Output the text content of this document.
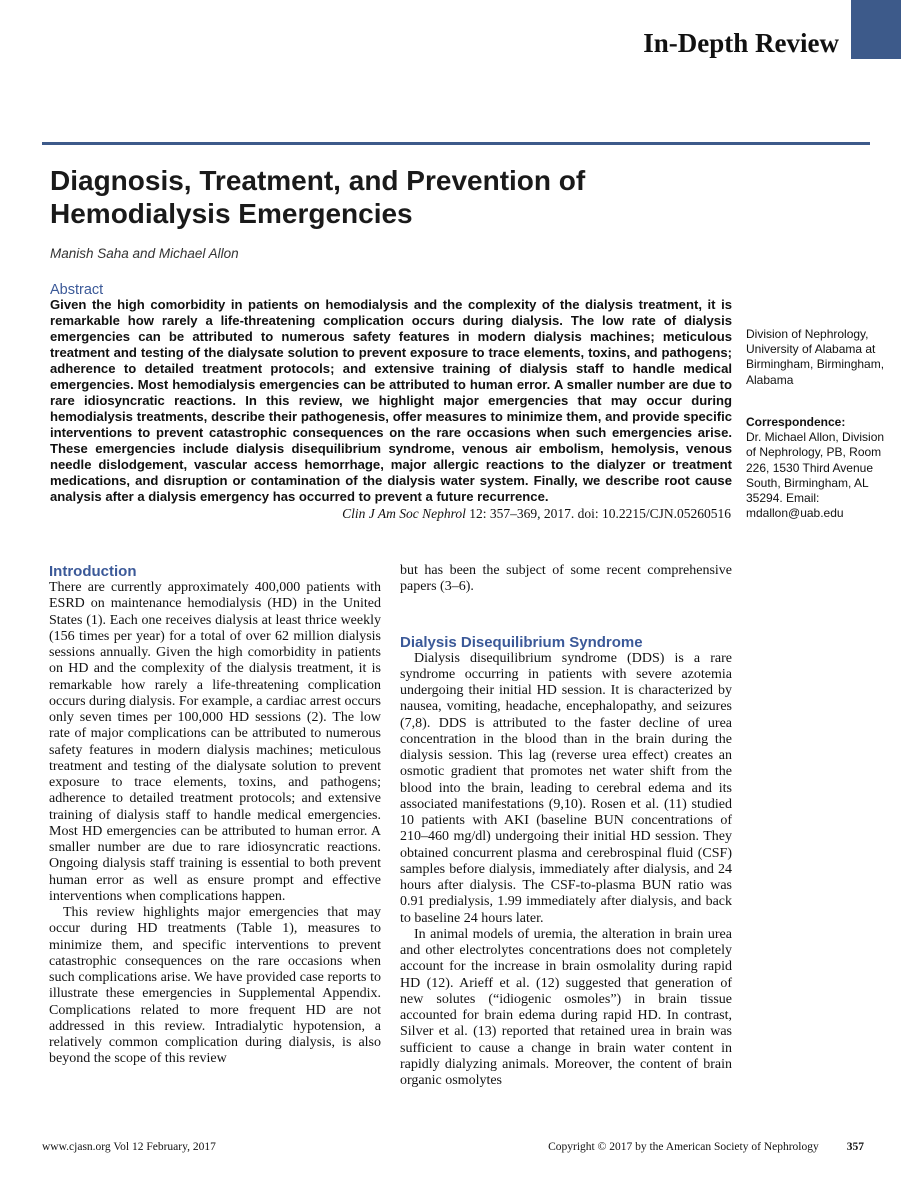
In-Depth Review
Diagnosis, Treatment, and Prevention of Hemodialysis Emergencies
Manish Saha and Michael Allon
Abstract

Given the high comorbidity in patients on hemodialysis and the complexity of the dialysis treatment, it is remarkable how rarely a life-threatening complication occurs during dialysis. The low rate of dialysis emergencies can be attributed to numerous safety features in modern dialysis machines; meticulous treatment and testing of the dialysate solution to prevent exposure to trace elements, toxins, and pathogens; adherence to detailed treatment protocols; and extensive training of dialysis staff to handle medical emergencies. Most hemodialysis emergencies can be attributed to human error. A smaller number are due to rare idiosyncratic reactions. In this review, we highlight major emergencies that may occur during hemodialysis treatments, describe their pathogenesis, offer measures to minimize them, and provide specific interventions to prevent catastrophic consequences on the rare occasions when such emergencies arise. These emergencies include dialysis disequilibrium syndrome, venous air embolism, hemolysis, venous needle dislodgement, vascular access hemorrhage, major allergic reactions to the dialyzer or treatment medications, and disruption or contamination of the dialysis water system. Finally, we describe root cause analysis after a dialysis emergency has occurred to prevent a future recurrence.

Clin J Am Soc Nephrol 12: 357–369, 2017. doi: 10.2215/CJN.05260516
Division of Nephrology, University of Alabama at Birmingham, Birmingham, Alabama
Correspondence:
Dr. Michael Allon, Division of Nephrology, PB, Room 226, 1530 Third Avenue South, Birmingham, AL 35294. Email: mdallon@uab.edu
Introduction

There are currently approximately 400,000 patients with ESRD on maintenance hemodialysis (HD) in the United States (1). Each one receives dialysis at least thrice weekly (156 times per year) for a total of over 62 million dialysis sessions annually. Given the high comorbidity in patients on HD and the complexity of the dialysis treatment, it is remarkable how rarely a life-threatening complication occurs during dialysis. For example, a cardiac arrest occurs only seven times per 100,000 HD sessions (2). The low rate of major complications can be attributed to numerous safety features in modern dialysis machines; meticulous treatment and testing of the dialysate solution to prevent exposure to trace elements, toxins, and pathogens; adherence to detailed treatment protocols; and extensive training of dialysis staff to handle medical emergencies. Most HD emergencies can be attributed to human error. A smaller number are due to rare idiosyncratic reactions. Ongoing dialysis staff training is essential to both prevent human error as well as ensure prompt and effective interventions when complications happen.

This review highlights major emergencies that may occur during HD treatments (Table 1), measures to minimize them, and specific interventions to prevent catastrophic consequences on the rare occasions when such complications arise. We have provided case reports to illustrate these emergencies in Supplemental Appendix. Complications related to more frequent HD are not addressed in this review. Intradialytic hypotension, a relatively common complication during dialysis, is also beyond the scope of this review

but has been the subject of some recent comprehensive papers (3–6).

Dialysis Disequilibrium Syndrome

Dialysis disequilibrium syndrome (DDS) is a rare syndrome occurring in patients with severe azotemia undergoing their initial HD session. It is characterized by nausea, vomiting, headache, encephalopathy, and seizures (7,8). DDS is attributed to the faster decline of urea concentration in the blood than in the brain during the dialysis session. This lag (reverse urea effect) creates an osmotic gradient that promotes net water shift from the blood into the brain, leading to cerebral edema and its associated manifestations (9,10). Rosen et al. (11) studied 10 patients with AKI (baseline BUN concentrations of 210–460 mg/dl) undergoing their initial HD session. They obtained concurrent plasma and cerebrospinal fluid (CSF) samples before dialysis, immediately after dialysis, and 24 hours after dialysis. The CSF-to-plasma BUN ratio was 0.91 predialysis, 1.99 immediately after dialysis, and back to baseline 24 hours later.

In animal models of uremia, the alteration in brain urea and other electrolytes concentrations does not completely account for the increase in brain osmolality during rapid HD (12). Arieff et al. (12) suggested that generation of new solutes (“idiogenic osmoles”) in brain tissue accounted for brain edema during rapid HD. In contrast, Silver et al. (13) reported that retained urea in brain was sufficient to cause a change in brain water content in rapidly dialyzing animals. Moreover, the content of brain organic osmolytes

www.cjasn.org Vol 12 February, 2017	Copyright © 2017 by the American Society of Nephrology 357
